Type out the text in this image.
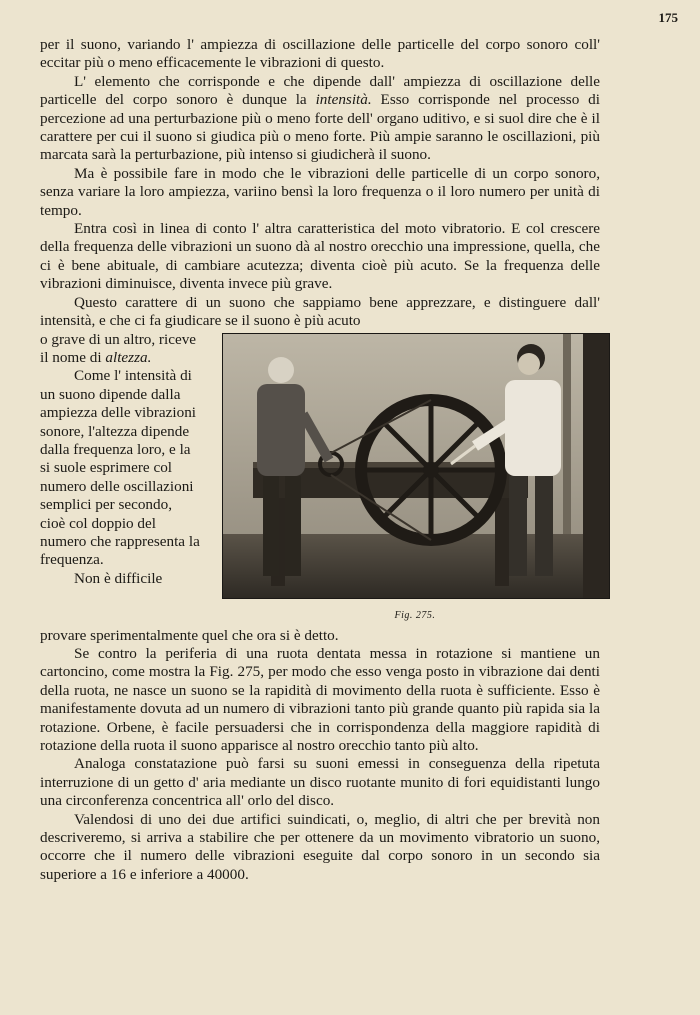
175

per il suono, variando l' ampiezza di oscillazione delle particelle del corpo sonoro coll' eccitar più o meno efficacemente le vibrazioni di questo.

L' elemento che corrisponde e che dipende dall' ampiezza di oscillazione delle particelle del corpo sonoro è dunque la intensità. Esso corrisponde nel processo di percezione ad una perturbazione più o meno forte dell' organo uditivo, e si suol dire che è il carattere per cui il suono si giudica più o meno forte. Più ampie saranno le oscillazioni, più marcata sarà la perturbazione, più intenso si giudicherà il suono.

Ma è possibile fare in modo che le vibrazioni delle particelle di un corpo sonoro, senza variare la loro ampiezza, variino bensì la loro frequenza o il loro numero per unità di tempo.

Entra così in linea di conto l' altra caratteristica del moto vibratorio. E col crescere della frequenza delle vibrazioni un suono dà al nostro orecchio una impressione, quella, che ci è bene abituale, di cambiare acutezza; diventa cioè più acuto. Se la frequenza delle vibrazioni diminuisce, diventa invece più grave.

Questo carattere di un suono che sappiamo bene apprezzare, e distinguere dall' intensità, e che ci fa giudicare se il suono è più acuto

Fig. 275.

o grave di un altro, riceve il nome di altezza.

Come l' intensità di un suono dipende dalla ampiezza delle vibrazioni sonore, l'altezza dipende dalla frequenza loro, e la si suole esprimere col numero delle oscillazioni semplici per secondo, cioè col doppio del numero che rappresenta la frequenza.

Non è difficile

provare sperimentalmente quel che ora si è detto.

Se contro la periferia di una ruota dentata messa in rotazione si mantiene un cartoncino, come mostra la Fig. 275, per modo che esso venga posto in vibrazione dai denti della ruota, ne nasce un suono se la rapidità di movimento della ruota è sufficiente. Esso è manifestamente dovuta ad un numero di vibrazioni tanto più grande quanto più rapida sia la rotazione. Orbene, è facile persuadersi che in corrispondenza della maggiore rapidità di rotazione della ruota il suono apparisce al nostro orecchio tanto più alto.

Analoga constatazione può farsi su suoni emessi in conseguenza della ripetuta interruzione di un getto d' aria mediante un disco ruotante munito di fori equidistanti lungo una circonferenza concentrica all' orlo del disco.

Valendosi di uno dei due artifici suindicati, o, meglio, di altri che per brevità non descriveremo, si arriva a stabilire che per ottenere da un movimento vibratorio un suono, occorre che il numero delle vibrazioni eseguite dal corpo sonoro in un secondo sia superiore a 16 e inferiore a 40000.
